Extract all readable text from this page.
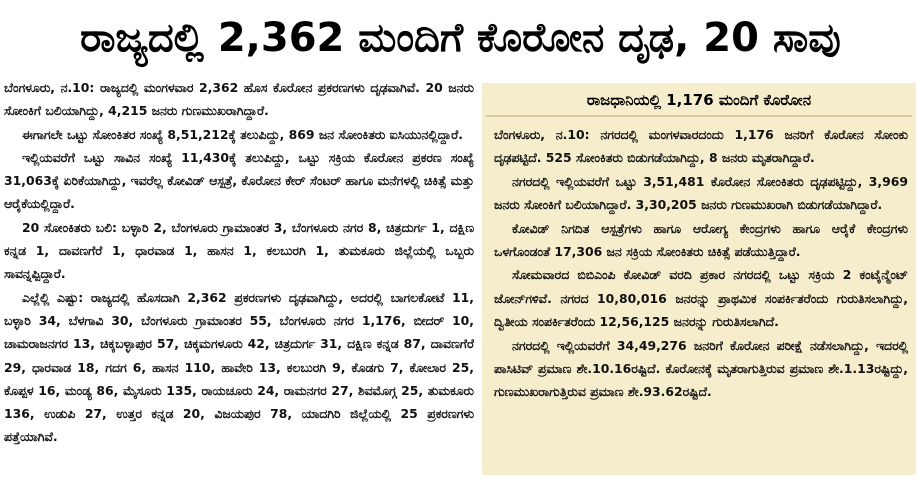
ರಾಜ್ಯದಲ್ಲಿ 2,362 ಮಂದಿಗೆ ಕೊರೋನ ದೃಢ, 20 ಸಾವು

ಬೆಂಗಳೂರು, ನ.10: ರಾಜ್ಯದಲ್ಲಿ ಮಂಗಳವಾರ 2,362 ಹೊಸ ಕೊರೋನ ಪ್ರಕರಣಗಳು ದೃಢವಾಗಿವೆ. 20 ಜನರು ಸೋಂಕಿಗೆ ಬಲಿಯಾಗಿದ್ದು, 4,215 ಜನರು ಗುಣಮುಖರಾಗಿದ್ದಾರೆ.

ಈಗಾಗಲೇ ಒಟ್ಟು ಸೋಂಕಿತರ ಸಂಖ್ಯೆ 8,51,212ಕ್ಕೆ ತಲುಪಿದ್ದು, 869 ಜನ ಸೋಂಕಿತರು ಐಸಿಯುನಲ್ಲಿದ್ದಾರೆ.

ಇಲ್ಲಿಯವರೆಗೆ ಒಟ್ಟು ಸಾವಿನ ಸಂಖ್ಯೆ 11,430ಕ್ಕೆ ತಲುಪಿದ್ದು, ಒಟ್ಟು ಸಕ್ರಿಯ ಕೊರೋನ ಪ್ರಕರಣ ಸಂಖ್ಯೆ 31,063ಕ್ಕೆ ಏರಿಕೆಯಾಗಿದ್ದು, ಇವರೆಲ್ಲ ಕೋವಿಡ್ ಆಸ್ಪತ್ರೆ, ಕೊರೋನ ಕೇರ್ ಸೆಂಟರ್ ಹಾಗೂ ಮನೆಗಳಲ್ಲಿ ಚಿಕಿತ್ಸೆ ಮತ್ತು ಆರೈಕೆಯಲ್ಲಿದ್ದಾರೆ.

20 ಸೋಂಕಿತರು ಬಲಿ: ಬಳ್ಳಾರಿ 2, ಬೆಂಗಳೂರು ಗ್ರಾಮಾಂತರ 3, ಬೆಂಗಳೂರು ನಗರ 8, ಚಿತ್ರದುರ್ಗ 1, ದಕ್ಷಿಣ ಕನ್ನಡ 1, ದಾವಣಗೆರೆ 1, ಧಾರವಾಡ 1, ಹಾಸನ 1, ಕಲಬುರಗಿ 1, ತುಮಕೂರು ಜಿಲ್ಲೆಯಲ್ಲಿ ಒಬ್ಬರು ಸಾವನ್ನಪ್ಪಿದ್ದಾರೆ.

ಎಲ್ಲೆಲ್ಲಿ ಎಷ್ಟು: ರಾಜ್ಯದಲ್ಲಿ ಹೊಸದಾಗಿ 2,362 ಪ್ರಕರಣಗಳು ದೃಢವಾಗಿದ್ದು, ಅದರಲ್ಲಿ ಬಾಗಲಕೋಟೆ 11, ಬಳ್ಳಾರಿ 34, ಬೆಳಗಾವಿ 30, ಬೆಂಗಳೂರು ಗ್ರಾಮಾಂತರ 55, ಬೆಂಗಳೂರು ನಗರ 1,176, ಬೀದರ್ 10, ಚಾಮರಾಜನಗರ 13, ಚಿಕ್ಕಬಳ್ಳಾಪುರ 57, ಚಿಕ್ಕಮಗಳೂರು 42, ಚಿತ್ರದುರ್ಗ 31, ದಕ್ಷಿಣ ಕನ್ನಡ 87, ದಾವಣಗೆರೆ 29, ಧಾರವಾಡ 18, ಗದಗ 6, ಹಾಸನ 110, ಹಾವೇರಿ 13, ಕಲಬುರಗಿ 9, ಕೊಡಗು 7, ಕೋಲಾರ 25, ಕೊಪ್ಪಳ 16, ಮಂಡ್ಯ 86, ಮೈಸೂರು 135, ರಾಯಚೂರು 24, ರಾಮನಗರ 27, ಶಿವಮೊಗ್ಗ 25, ತುಮಕೂರು 136, ಉಡುಪಿ 27, ಉತ್ತರ ಕನ್ನಡ 20, ವಿಜಯಪುರ 78, ಯಾದಗಿರಿ ಜಿಲ್ಲೆಯಲ್ಲಿ 25 ಪ್ರಕರಣಗಳು ಪತ್ತೆಯಾಗಿವೆ.

ರಾಜಧಾನಿಯಲ್ಲಿ 1,176 ಮಂದಿಗೆ ಕೊರೋನ

ಬೆಂಗಳೂರು, ನ.10: ನಗರದಲ್ಲಿ ಮಂಗಳವಾರದಂದು 1,176 ಜನರಿಗೆ ಕೊರೋನ ಸೋಂಕು ದೃಢಪಟ್ಟಿದೆ. 525 ಸೋಂಕಿತರು ಬಿಡುಗಡೆಯಾಗಿದ್ದು, 8 ಜನರು ಮೃತರಾಗಿದ್ದಾರೆ.

ನಗರದಲ್ಲಿ ಇಲ್ಲಿಯವರೆಗೆ ಒಟ್ಟು 3,51,481 ಕೊರೋನ ಸೋಂಕಿತರು ದೃಢಪಟ್ಟಿದ್ದು, 3,969 ಜನರು ಸೋಂಕಿಗೆ ಬಲಿಯಾಗಿದ್ದಾರೆ. 3,30,205 ಜನರು ಗುಣಮುಖರಾಗಿ ಬಿಡುಗಡೆಯಾಗಿದ್ದಾರೆ.

ಕೋವಿಡ್ ನಿಗದಿತ ಆಸ್ಪತ್ರೆಗಳು ಹಾಗೂ ಆರೋಗ್ಯ ಕೇಂದ್ರಗಳು ಹಾಗೂ ಆರೈಕೆ ಕೇಂದ್ರಗಳು ಒಳಗೊಂಡಂತೆ 17,306 ಜನ ಸಕ್ರಿಯ ಸೋಂಕಿತರು ಚಿಕಿತ್ಸೆ ಪಡೆಯುತ್ತಿದ್ದಾರೆ.

ಸೋಮವಾರದ ಬಿಬಿಎಂಪಿ ಕೋವಿಡ್ ವರದಿ ಪ್ರಕಾರ ನಗರದಲ್ಲಿ ಒಟ್ಟು ಸಕ್ರಿಯ 2 ಕಂಟೈನ್ಮೆಂಟ್ ಜೋನ್‌ಗಳಿವೆ. ನಗರದ 10,80,016 ಜನರನ್ನು ಪ್ರಾಥಮಿಕ ಸಂಪರ್ಕಿತರೆಂದು ಗುರುತಿಸಲಾಗಿದ್ದು, ದ್ವಿತೀಯ ಸಂಪರ್ಕಿತರೆಂದು 12,56,125 ಜನರನ್ನು ಗುರುತಿಸಲಾಗಿದೆ.

ನಗರದಲ್ಲಿ ಇಲ್ಲಿಯವರೆಗೆ 34,49,276 ಜನರಿಗೆ ಕೊರೋನ ಪರೀಕ್ಷೆ ನಡೆಸಲಾಗಿದ್ದು, ಇದರಲ್ಲಿ ಪಾಸಿಟಿವ್ ಪ್ರಮಾಣ ಶೇ.10.16ರಷ್ಟಿದೆ. ಕೊರೋನಕ್ಕೆ ಮೃತರಾಗುತ್ತಿರುವ ಪ್ರಮಾಣ ಶೇ.1.13ರಷ್ಟಿದ್ದು, ಗುಣಮುಖರಾಗುತ್ತಿರುವ ಪ್ರಮಾಣ ಶೇ.93.62ರಷ್ಟಿದೆ.
